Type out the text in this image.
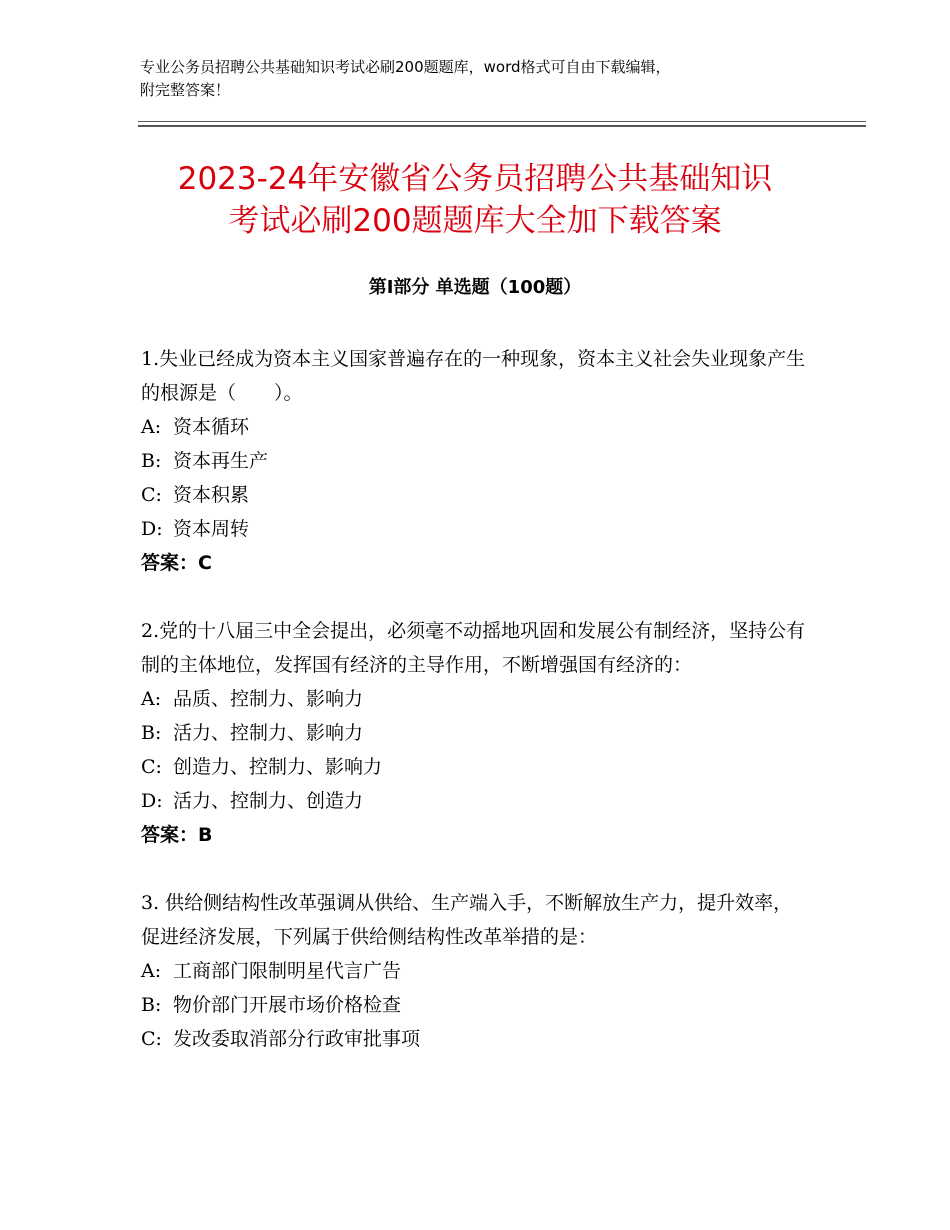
专业公务员招聘公共基础知识考试必刷200题题库，word格式可自由下载编辑，
附完整答案！
2023-24年安徽省公务员招聘公共基础知识
考试必刷200题题库大全加下载答案
第Ⅰ部分 单选题（100题）
1.失业已经成为资本主义国家普遍存在的一种现象，资本主义社会失业现象产生的根源是（　　）。
A: 资本循环
B: 资本再生产
C: 资本积累
D: 资本周转
答案：C
2.党的十八届三中全会提出，必须毫不动摇地巩固和发展公有制经济，坚持公有制的主体地位，发挥国有经济的主导作用，不断增强国有经济的：
A: 品质、控制力、影响力
B: 活力、控制力、影响力
C: 创造力、控制力、影响力
D: 活力、控制力、创造力
答案：B
3. 供给侧结构性改革强调从供给、生产端入手，不断解放生产力，提升效率，促进经济发展，下列属于供给侧结构性改革举措的是：
A: 工商部门限制明星代言广告
B: 物价部门开展市场价格检查
C: 发改委取消部分行政审批事项
